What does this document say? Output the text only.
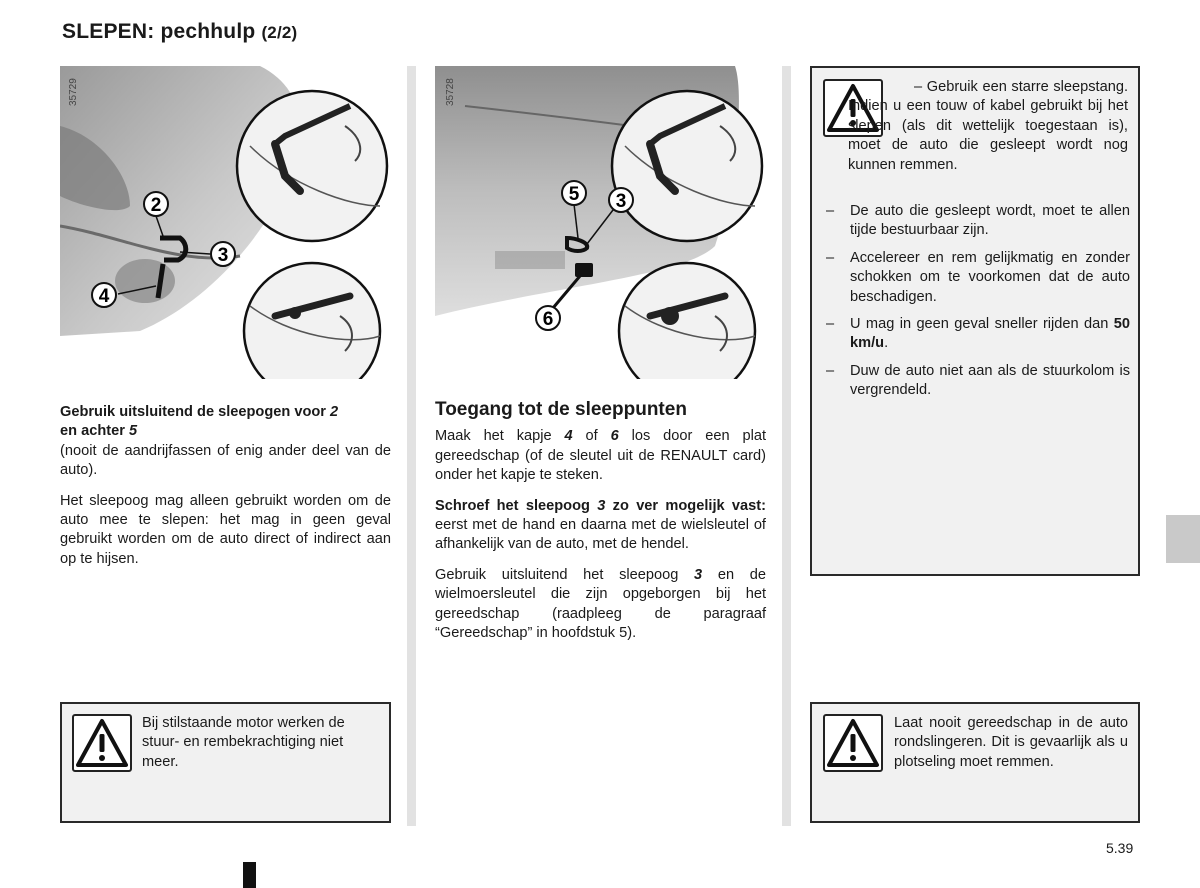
SLEPEN: pechhulp (2/2)
5.39
2
3
4
35729
5 3
6
35728

Gebruik uitsluitend de sleepogen voor 2
en achter 5

(nooit de aandrijfassen of enig ander deel van de auto).

Het sleepoog mag alleen gebruikt worden om de auto mee te slepen: het mag in geen geval gebruikt worden om de auto direct of indirect aan op te hijsen.

Toegang tot de sleeppunten

Maak het kapje 4 of 6 los door een plat gereedschap (of de sleutel uit de RENAULT card) onder het kapje te steken.

Schroef het sleepoog 3 zo ver mogelijk vast: eerst met de hand en daarna met de wielsleutel of afhankelijk van de auto, met de hendel.

Gebruik uitsluitend het sleepoog 3 en de wielmoersleutel die zijn opgeborgen bij het gereedschap (raadpleeg de paragraaf “Gereedschap” in hoofdstuk 5).

Bij stilstaande motor werken de stuur- en rembekrachtiging niet meer.
– Gebruik een starre sleepstang. Indien u een touw of kabel gebruikt bij het slepen (als dit wettelijk toegestaan is), moet de auto die gesleept wordt nog kunnen remmen.
– De auto die gesleept wordt, moet te allen tijde bestuurbaar zijn.
– Accelereer en rem gelijkmatig en zonder schokken om te voorkomen dat de auto beschadigen.
– U mag in geen geval sneller rijden dan 50 km/u.
– Duw de auto niet aan als de stuurkolom is vergrendeld.
Laat nooit gereedschap in de auto rondslingeren. Dit is gevaarlijk als u plotseling moet remmen.
